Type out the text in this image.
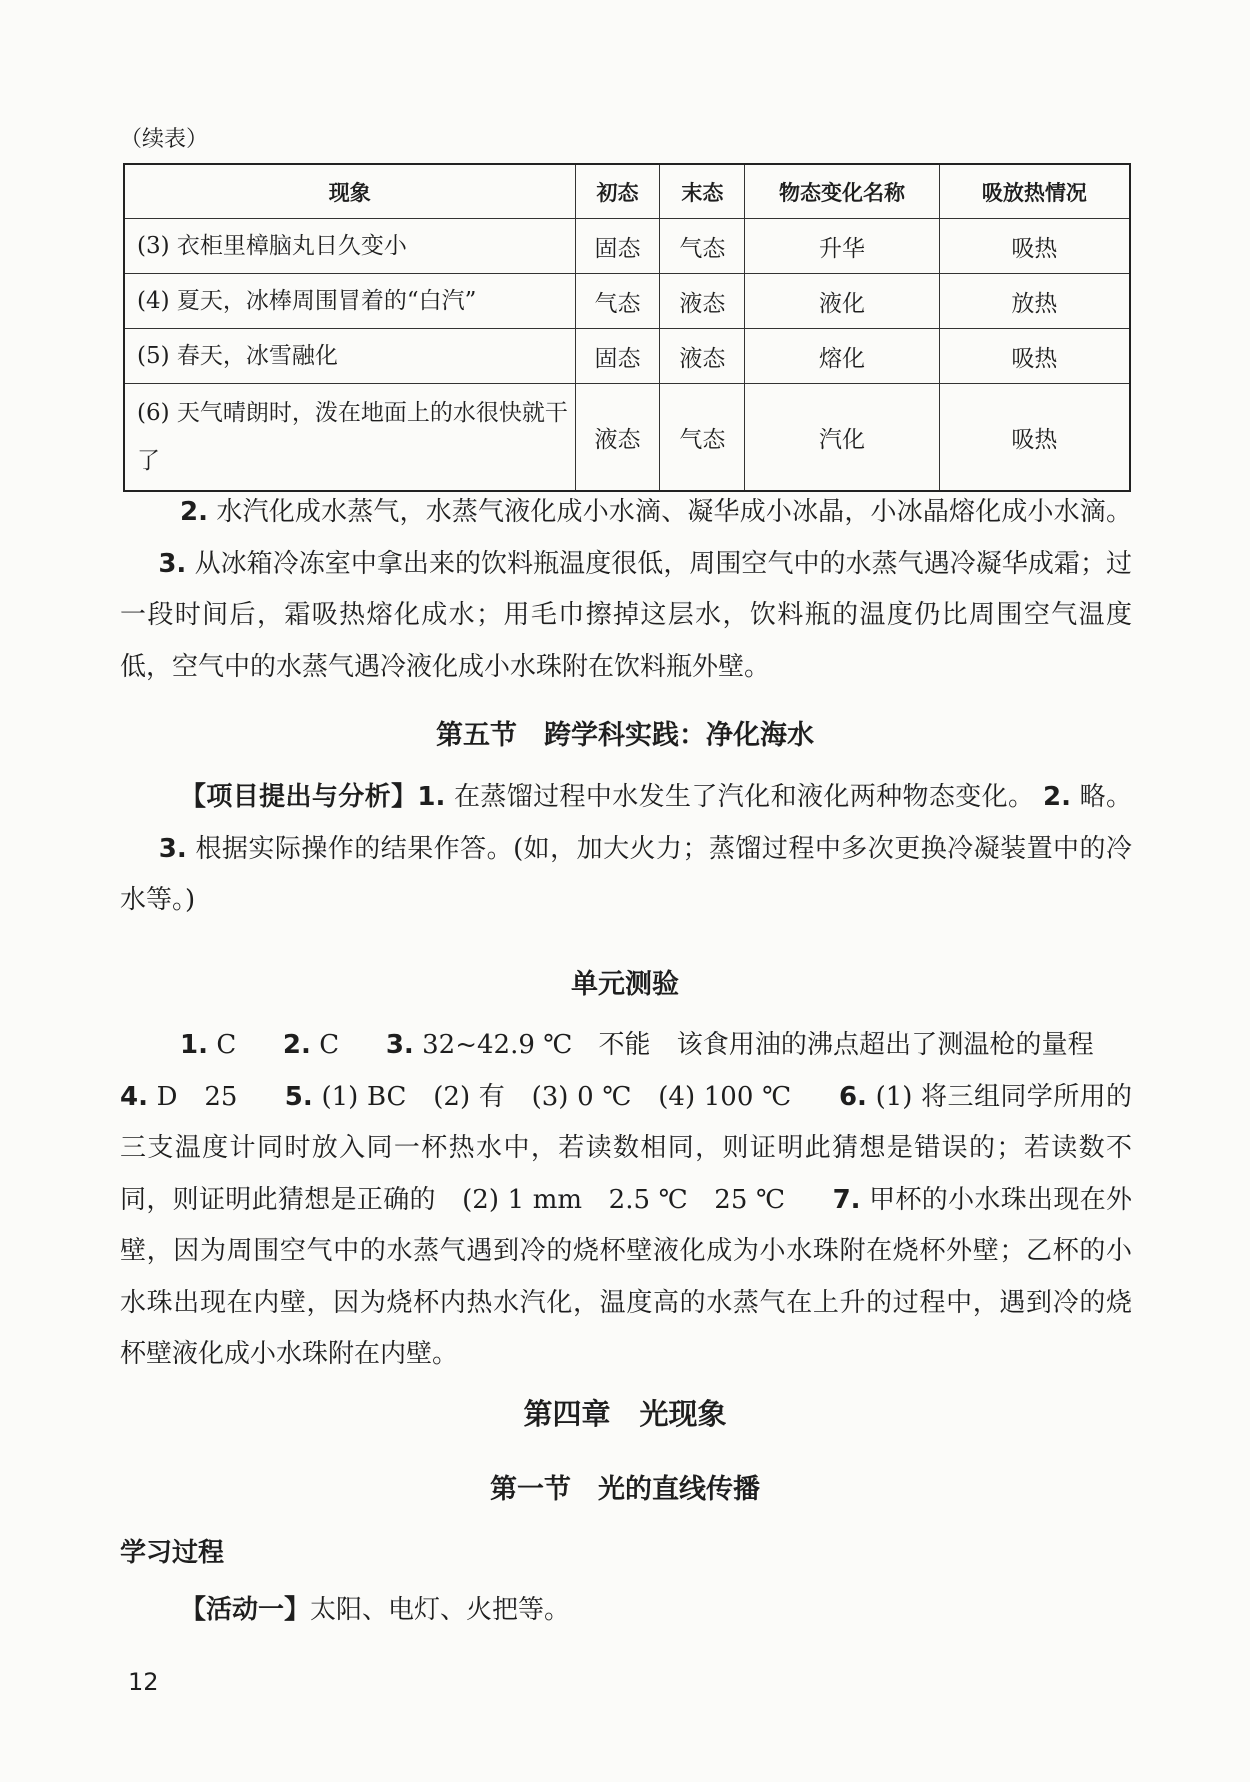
（续表）
现象	初态	末态	物态变化名称	吸放热情况
(3) 衣柜里樟脑丸日久变小	固态	气态	升华	吸热
(4) 夏天，冰棒周围冒着的“白汽”	气态	液态	液化	放热
(5) 春天，冰雪融化	固态	液态	熔化	吸热
(6) 天气晴朗时，泼在地面上的水很快就干了	液态	气态	汽化	吸热
2. 水汽化成水蒸气，水蒸气液化成小水滴、凝华成小冰晶，小冰晶熔化成小水滴。  3. 从冰箱冷冻室中拿出来的饮料瓶温度很低，周围空气中的水蒸气遇冷凝华成霜；过一段时间后，霜吸热熔化成水；用毛巾擦掉这层水，饮料瓶的温度仍比周围空气温度低，空气中的水蒸气遇冷液化成小水珠附在饮料瓶外壁。
第五节　跨学科实践：净化海水
【项目提出与分析】1. 在蒸馏过程中水发生了汽化和液化两种物态变化。 2. 略。  3. 根据实际操作的结果作答。(如，加大火力；蒸馏过程中多次更换冷凝装置中的冷水等。)
单元测验
1. C 2. C 3. 32~42.9 ℃　不能　该食用油的沸点超出了测温枪的量程  4. D　25 5. (1) BC　(2) 有　(3) 0 ℃　(4) 100 ℃ 6. (1) 将三组同学所用的三支温度计同时放入同一杯热水中，若读数相同，则证明此猜想是错误的；若读数不同，则证明此猜想是正确的　(2) 1 mm　2.5 ℃　25 ℃ 7. 甲杯的小水珠出现在外壁，因为周围空气中的水蒸气遇到冷的烧杯壁液化成为小水珠附在烧杯外壁；乙杯的小水珠出现在内壁，因为烧杯内热水汽化，温度高的水蒸气在上升的过程中，遇到冷的烧杯壁液化成小水珠附在内壁。
第四章　光现象
第一节　光的直线传播
学习过程
【活动一】太阳、电灯、火把等。
12
